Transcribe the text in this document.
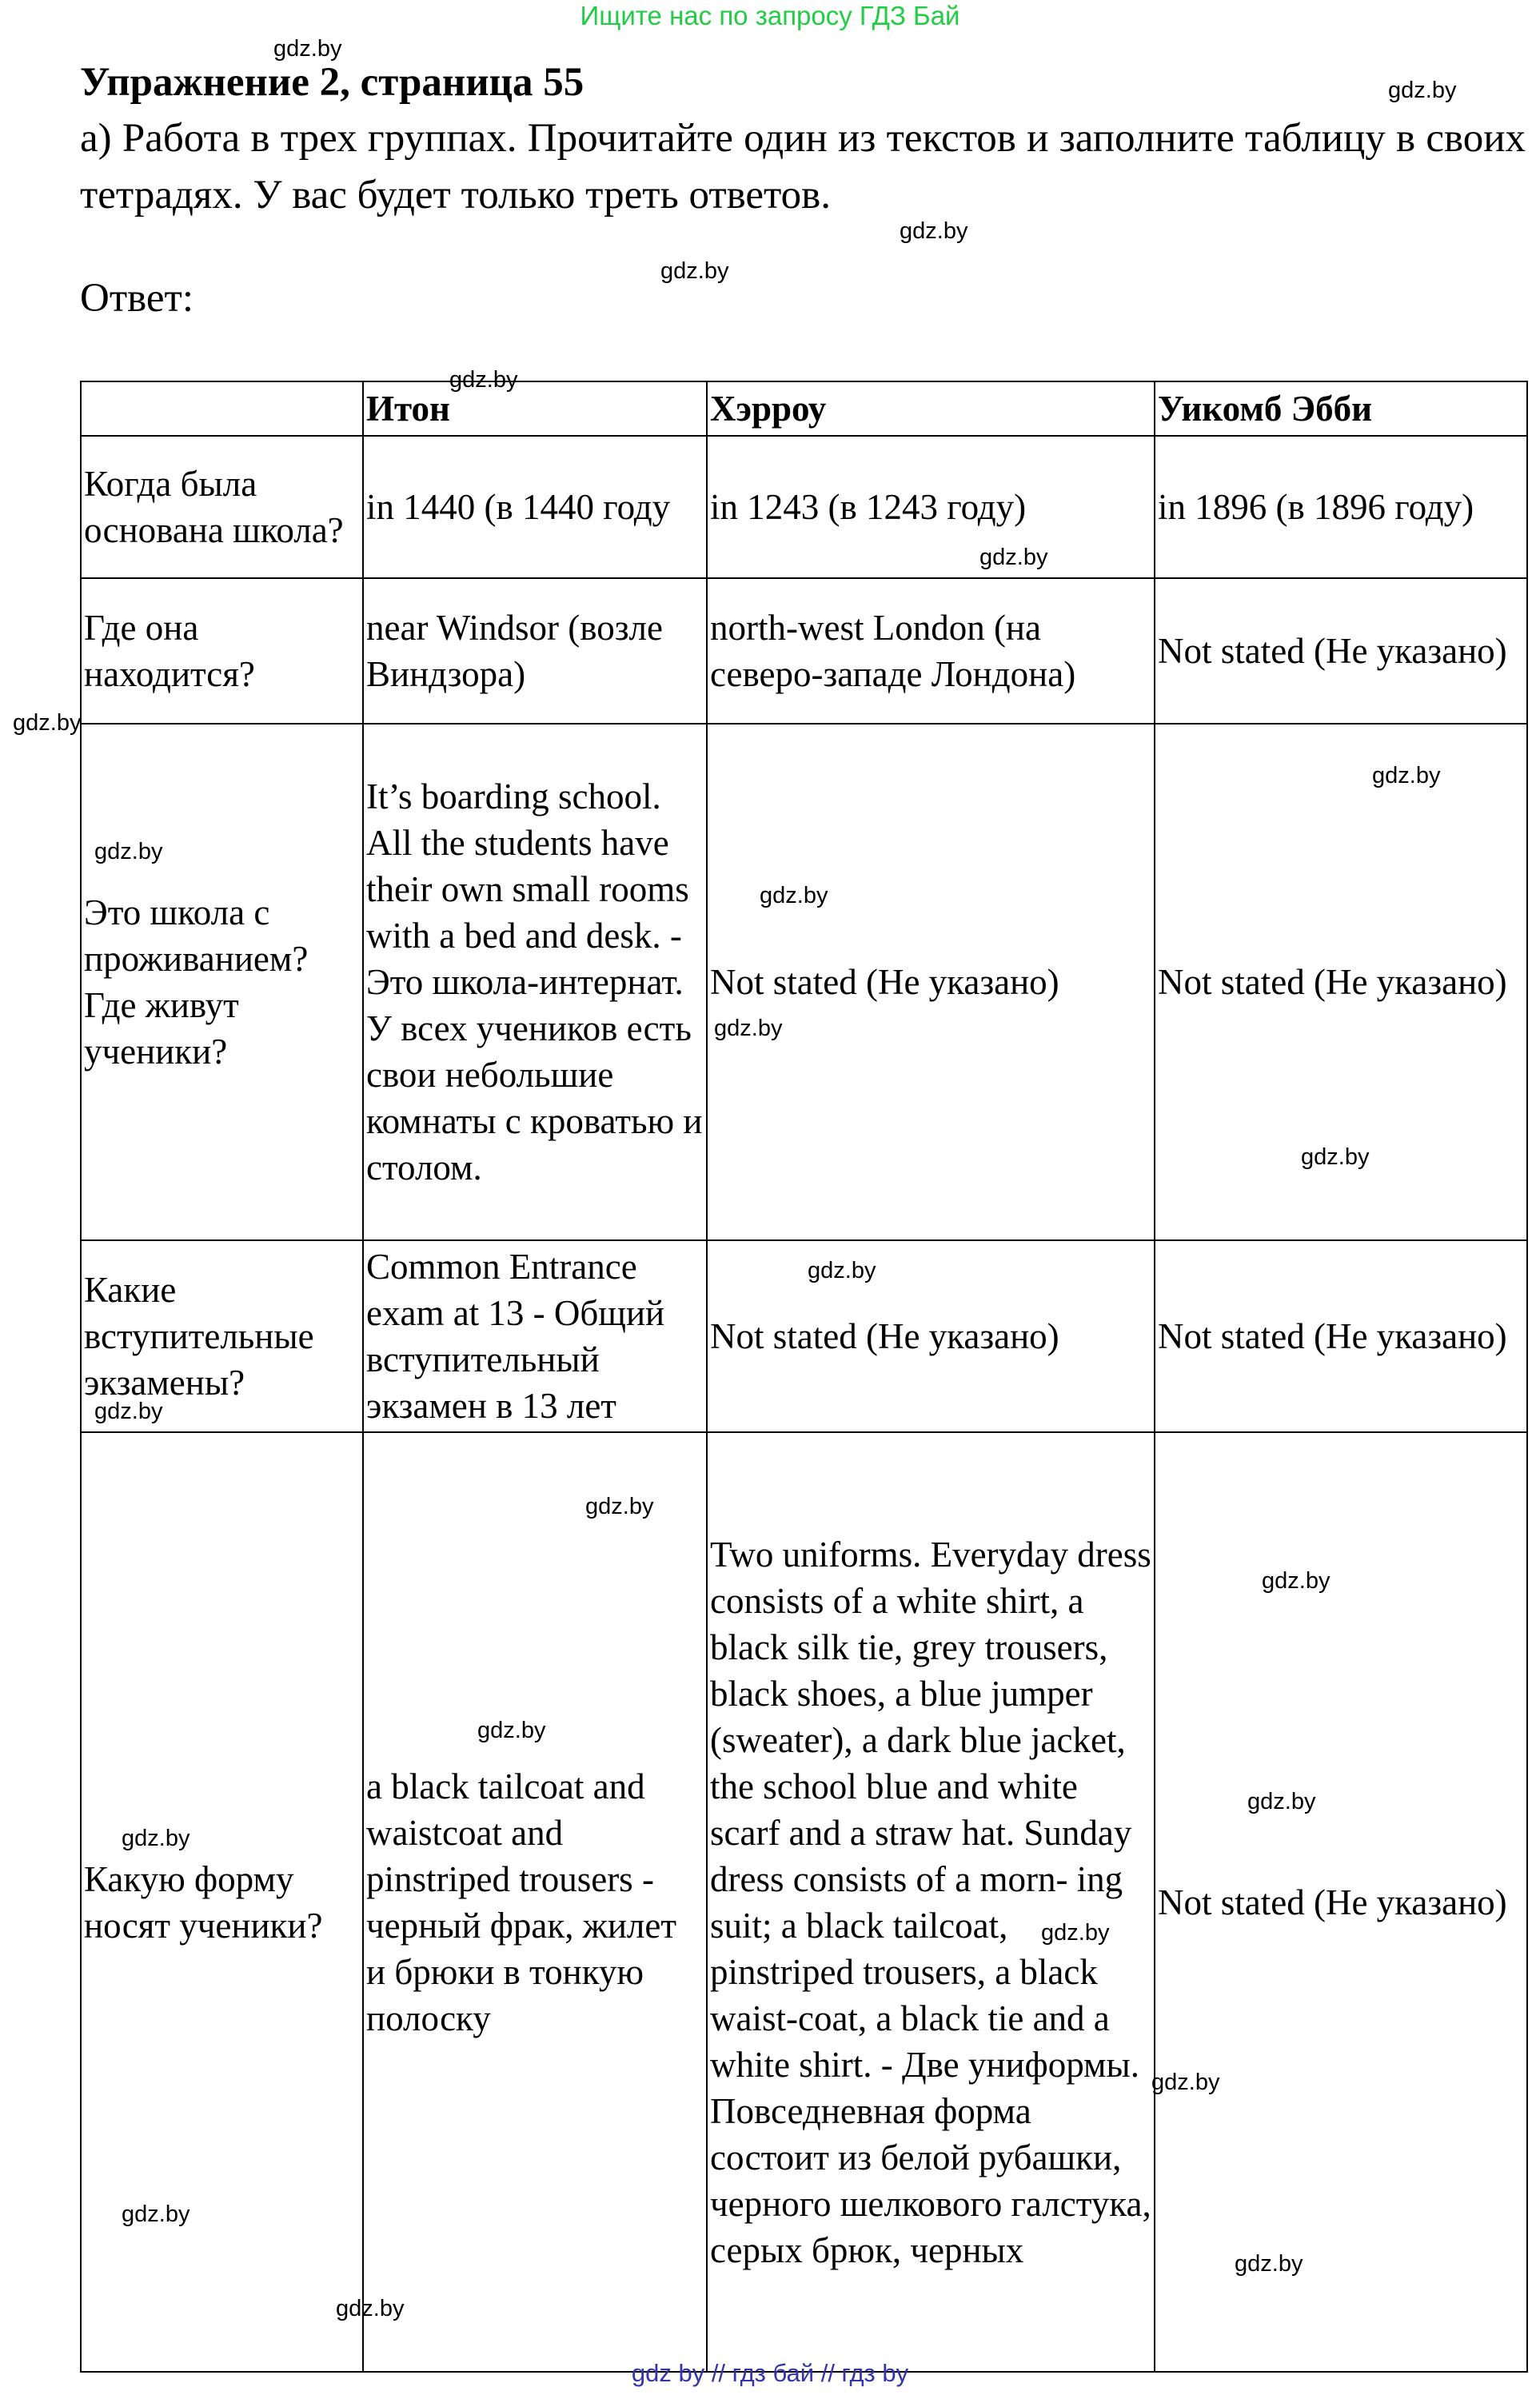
Ищите нас по запросу ГДЗ Бай
gdz.by
gdz.by
gdz.by
gdz.by
gdz.by
gdz.by
gdz.by
gdz.by
gdz.by
gdz.by
gdz.by
gdz.by
gdz.by
gdz.by
gdz.by
gdz.by
gdz.by
gdz.by
gdz.by
gdz.by
gdz.by
gdz.by
gdz.by
gdz.by
Упражнение 2, страница 55
а) Работа в трех группах. Прочитайте один из текстов и заполните таблицу в своих тетрадях. У вас будет только треть ответов.
Ответ:
	Итон	Хэрроу	Уикомб Эбби
Когда была основана школа?	in 1440 (в 1440 году	in 1243 (в 1243 году)	in 1896 (в 1896 году)
Где она находится?	near Windsor (возле Виндзора)	north-west London (на северо-западе Лондона)	Not stated (Не указано)
Это школа с проживанием? Где живут ученики?	It’s boarding school. All the students have their own small rooms with a bed and desk. - Это школа-интернат. У всех учеников есть свои небольшие комнаты с кроватью и столом.	Not stated (Не указано)	Not stated (Не указано)
Какие вступительные экзамены?	Common Entrance exam at 13 - Общий вступительный экзамен в 13 лет	Not stated (Не указано)	Not stated (Не указано)
Какую форму носят ученики?	a black tailcoat and waistcoat and pinstriped trousers - черный фрак, жилет и брюки в тонкую полоску	Two uniforms. Everyday dress consists of a white shirt, a black silk tie, grey trousers, black shoes, a blue jumper (sweater), a dark blue jacket, the school blue and white scarf and a straw hat. Sunday dress consists of a morn- ing suit; a black tailcoat, pinstriped trousers, a black waist-coat, a black tie and a white shirt. - Две униформы. Повседневная форма состоит из белой рубашки, черного шелкового галстука, серых брюк, черных	Not stated (Не указано)
gdz by // гдз бай // гдз by
